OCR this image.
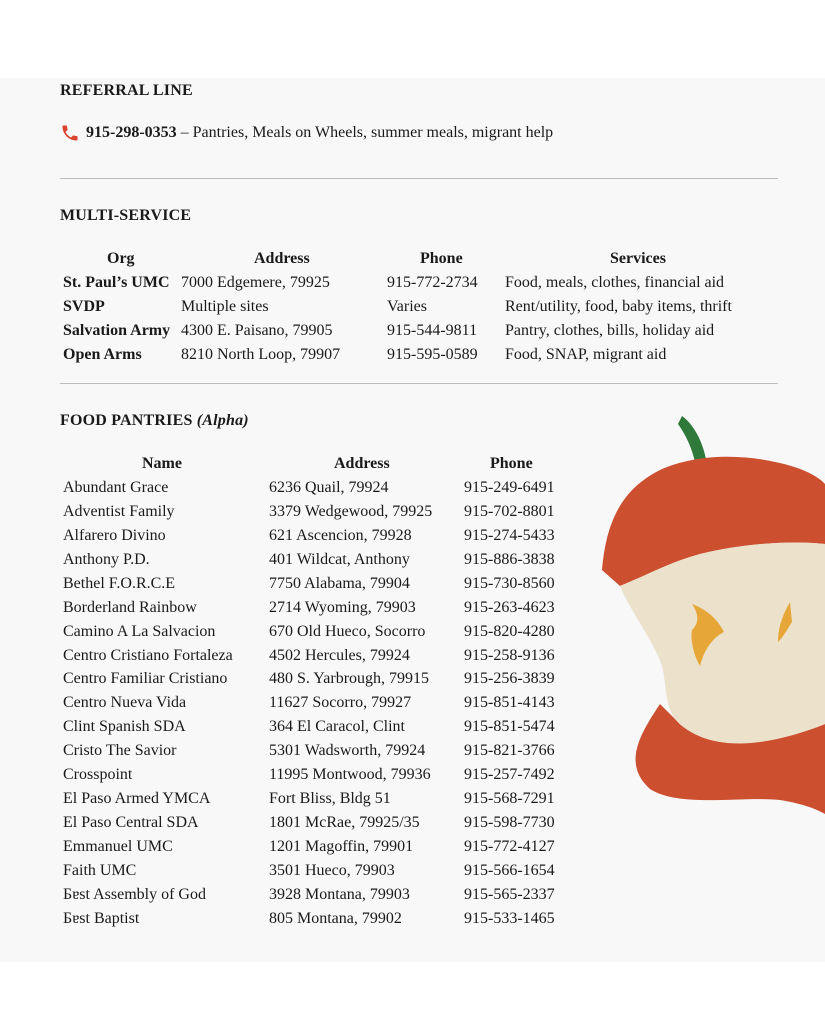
REFERRAL LINE
915-298-0353 – Pantries, Meals on Wheels, summer meals, migrant help
MULTI-SERVICE
Org	Address	Phone	Services
St. Paul’s UMC 7000 Edgemere, 79925	915-772-2734 Food, meals, clothes, financial aid
SVDP	Multiple sites	Varies	Rent/utility, food, baby items, thrift
Salvation Army 4300 E. Paisano, 79905	915-544-9811 Pantry, clothes, bills, holiday aid
Open Arms 8210 North Loop, 79907	915-595-0589 Food, SNAP, migrant aid
FOOD PANTRIES (Alpha)
Name	Address	Phone
Abundant Grace	6236 Quail, 79924	915-249-6491
Adventist Family	3379 Wedgewood, 79925 915-702-8801
Alfarero Divino	621 Ascencion, 79928	915-274-5433
Anthony P.D.	401 Wildcat, Anthony	915-886-3838
Bethel F.O.R.C.E	7750 Alabama, 79904	915-730-8560
Borderland Rainbow	2714 Wyoming, 79903	915-263-4623
Camino A La Salvacion	670 Old Hueco, Socorro 915-820-4280
Centro Cristiano Fortaleza 4502 Hercules, 79924	915-258-9136
Centro Familiar Cristiano	480 S. Yarbrough, 79915 915-256-3839
Centro Nueva Vida	11627 Socorro, 79927	915-851-4143
Clint Spanish SDA	364 El Caracol, Clint	915-851-5474
Cristo The Savior	5301 Wadsworth, 79924 915-821-3766
Crosspoint	11995 Montwood, 79936 915-257-7492
El Paso Armed YMCA	Fort Bliss, Bldg 51	915-568-7291
El Paso Central SDA	1801 McRae, 79925/35	915-598-7730
Emmanuel UMC	1201 Magoffin, 79901	915-772-4127
Faith UMC	3501 Hueco, 79903	915-566-1654
Ƃɐst Assembly of God	3928 Montana, 79903	915-565-2337
Ƃɐst Baptist	805 Montana, 79902	915-533-1465
